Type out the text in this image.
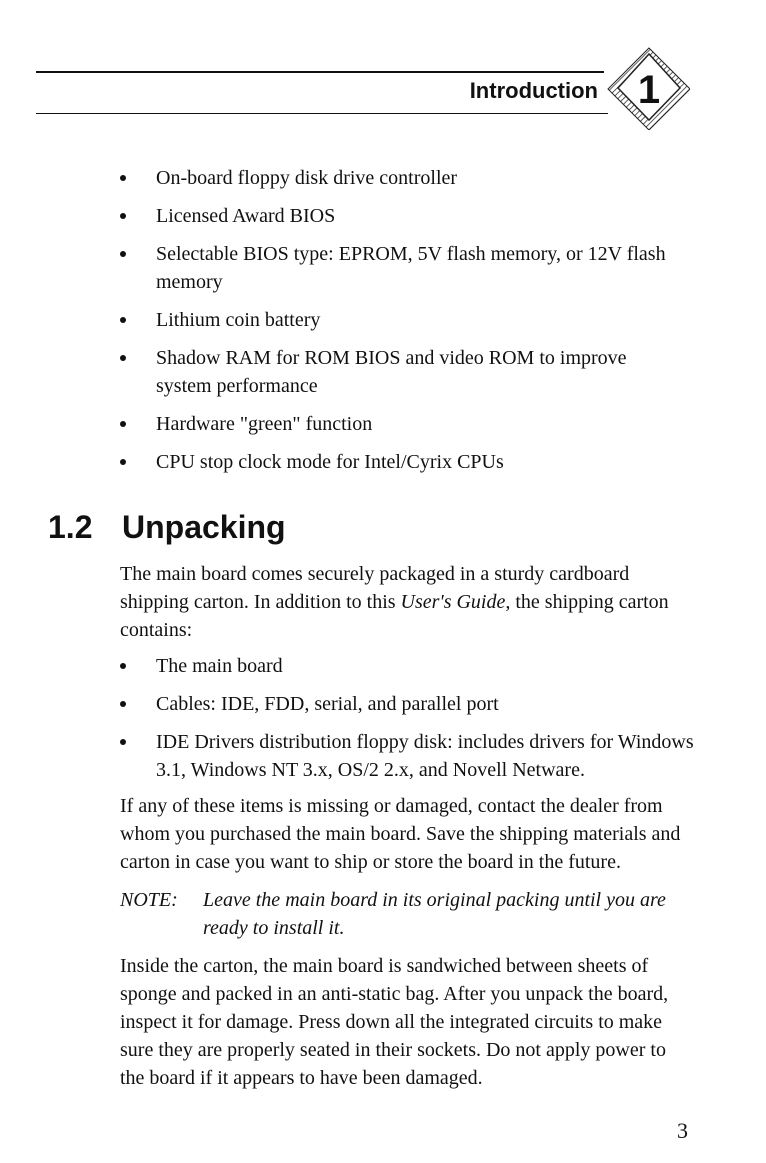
Introduction 1
On-board floppy disk drive controller
Licensed Award BIOS
Selectable BIOS type: EPROM, 5V flash memory, or 12V flash memory
Lithium coin battery
Shadow RAM for ROM BIOS and video ROM to improve system performance
Hardware "green" function
CPU stop clock mode for Intel/Cyrix CPUs
1.2 Unpacking

The main board comes securely packaged in a sturdy cardboard shipping carton. In addition to this User's Guide, the shipping carton contains:

The main board
Cables: IDE, FDD, serial, and parallel port
IDE Drivers distribution floppy disk: includes drivers for Windows 3.1, Windows NT 3.x, OS/2 2.x, and Novell Netware.

If any of these items is missing or damaged, contact the dealer from whom you purchased the main board. Save the shipping materials and carton in case you want to ship or store the board in the future.

NOTE: Leave the main board in its original packing until you are ready to install it.

Inside the carton, the main board is sandwiched between sheets of sponge and packed in an anti-static bag. After you unpack the board, inspect it for damage. Press down all the integrated circuits to make sure they are properly seated in their sockets. Do not apply power to the board if it appears to have been damaged.

3
